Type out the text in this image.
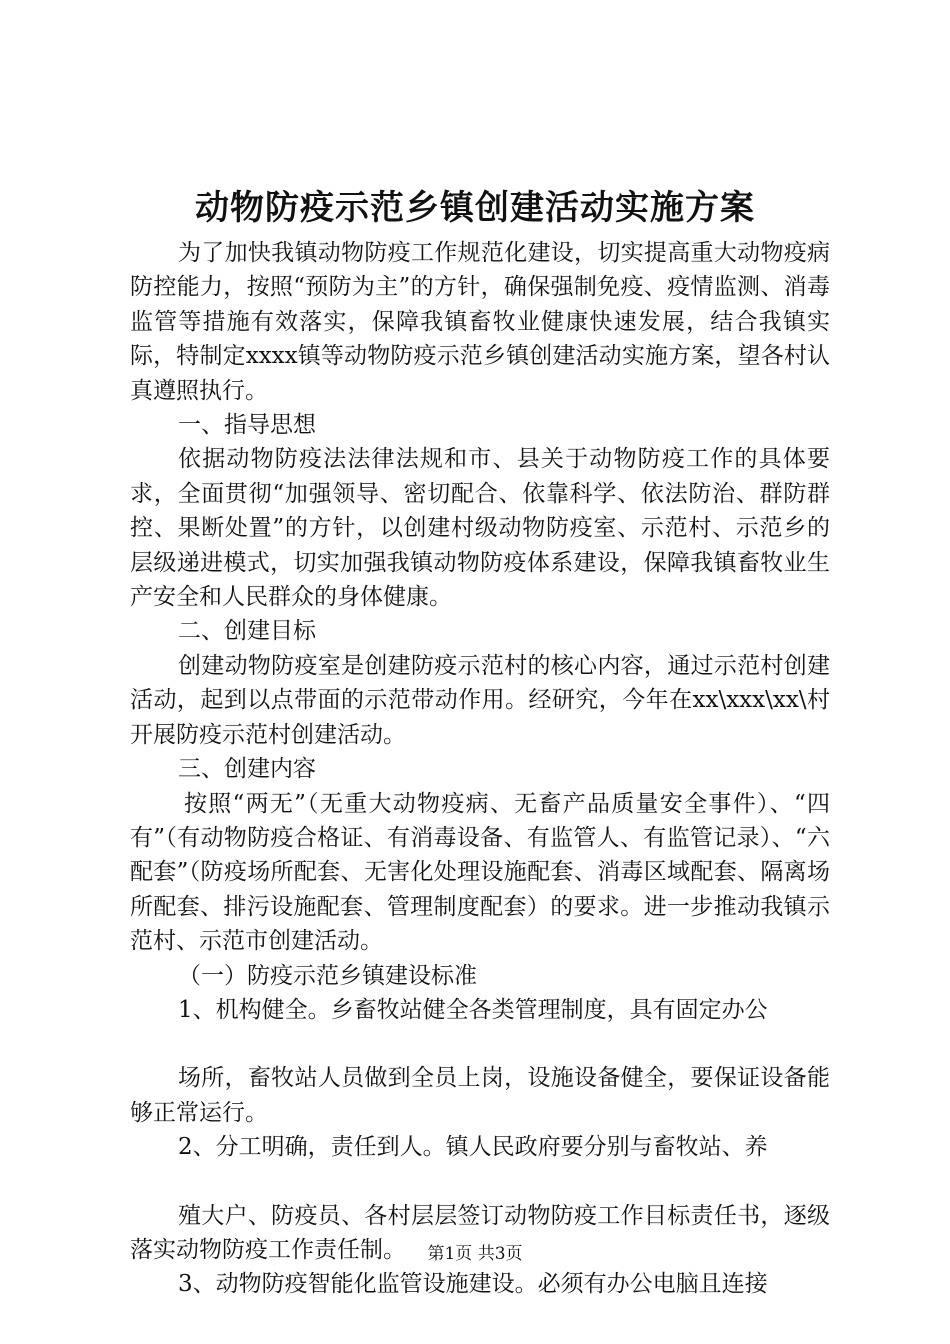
动物防疫示范乡镇创建活动实施方案

为了加快我镇动物防疫工作规范化建设，切实提高重大动物疫病防控能力，按照“预防为主”的方针，确保强制免疫、疫情监测、消毒监管等措施有效落实，保障我镇畜牧业健康快速发展，结合我镇实际，特制定xxxx镇等动物防疫示范乡镇创建活动实施方案，望各村认真遵照执行。

一、指导思想

依据动物防疫法法律法规和市、县关于动物防疫工作的具体要求，全面贯彻“加强领导、密切配合、依靠科学、依法防治、群防群控、果断处置”的方针，以创建村级动物防疫室、示范村、示范乡的层级递进模式，切实加强我镇动物防疫体系建设，保障我镇畜牧业生产安全和人民群众的身体健康。

二、创建目标

创建动物防疫室是创建防疫示范村的核心内容，通过示范村创建活动，起到以点带面的示范带动作用。经研究，今年在xx\xxx\xx\村开展防疫示范村创建活动。

三、创建内容

按照“两无”（无重大动物疫病、无畜产品质量安全事件）、“四有”（有动物防疫合格证、有消毒设备、有监管人、有监管记录）、“六配套”（防疫场所配套、无害化处理设施配套、消毒区域配套、隔离场所配套、排污设施配套、管理制度配套）的要求。进一步推动我镇示范村、示范市创建活动。

（一）防疫示范乡镇建设标准

1、机构健全。乡畜牧站健全各类管理制度，具有固定办公

场所，畜牧站人员做到全员上岗，设施设备健全，要保证设备能够正常运行。

2、分工明确，责任到人。镇人民政府要分别与畜牧站、养

殖大户、防疫员、各村层层签订动物防疫工作目标责任书，逐级落实动物防疫工作责任制。

3、动物防疫智能化监管设施建设。必须有办公电脑且连接

第1页 共3页
